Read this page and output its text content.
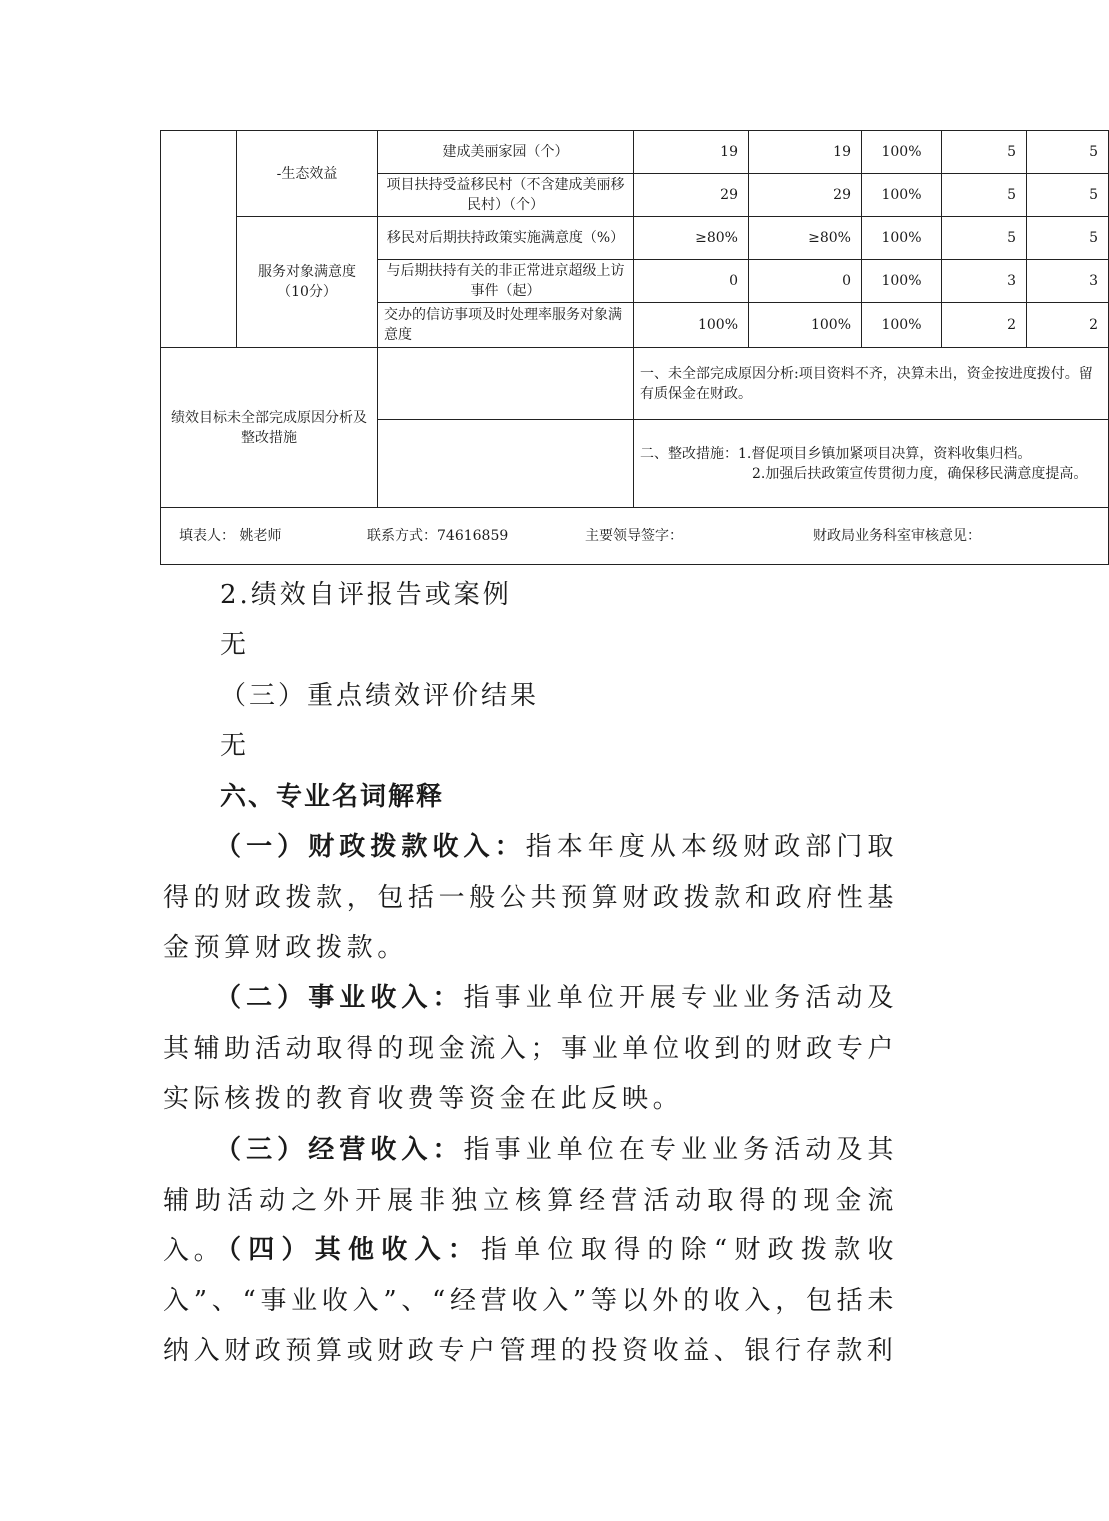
	-生态效益	建成美丽家园（个）	19	19	100%	5	5
		项目扶持受益移民村（不含建成美丽移民村）（个）	29	29	100%	5	5
	服务对象满意度（10分）	移民对后期扶持政策实施满意度（%）	≥80%	≥80%	100%	5	5
		与后期扶持有关的非正常进京超级上访事件（起）	0	0	100%	3	3
		交办的信访事项及时处理率服务对象满意度	100%	100%	100%	2	2
绩效目标未全部完成原因分析及整改措施			一、未全部完成原因分析:项目资料不齐，决算未出，资金按进度拨付。留有质保金在财政。				

			二、整改措施：1.督促项目乡镇加紧项目决算，资料收集归档。
2.加强后扶政策宣传贯彻力度，确保移民满意度提高。				

填表人： 姚老师 联系方式：74616859 主要领导签字： 财政局业务科室审核意见：							
2.绩效自评报告或案例
无
（三）重点绩效评价结果
无
六、专业名词解释

（一）财政拨款收入：指本年度从本级财政部门取得的财政拨款，包括一般公共预算财政拨款和政府性基金预算财政拨款。

（二）事业收入：指事业单位开展专业业务活动及其辅助活动取得的现金流入；事业单位收到的财政专户实际核拨的教育收费等资金在此反映。

（三）经营收入：指事业单位在专业业务活动及其辅助活动之外开展非独立核算经营活动取得的现金流入。

（四）其他收入：指单位取得的除“财政拨款收入”、“事业收入”、“经营收入”等以外的收入，包括未纳入财政预算或财政专户管理的投资收益、银行存款利
